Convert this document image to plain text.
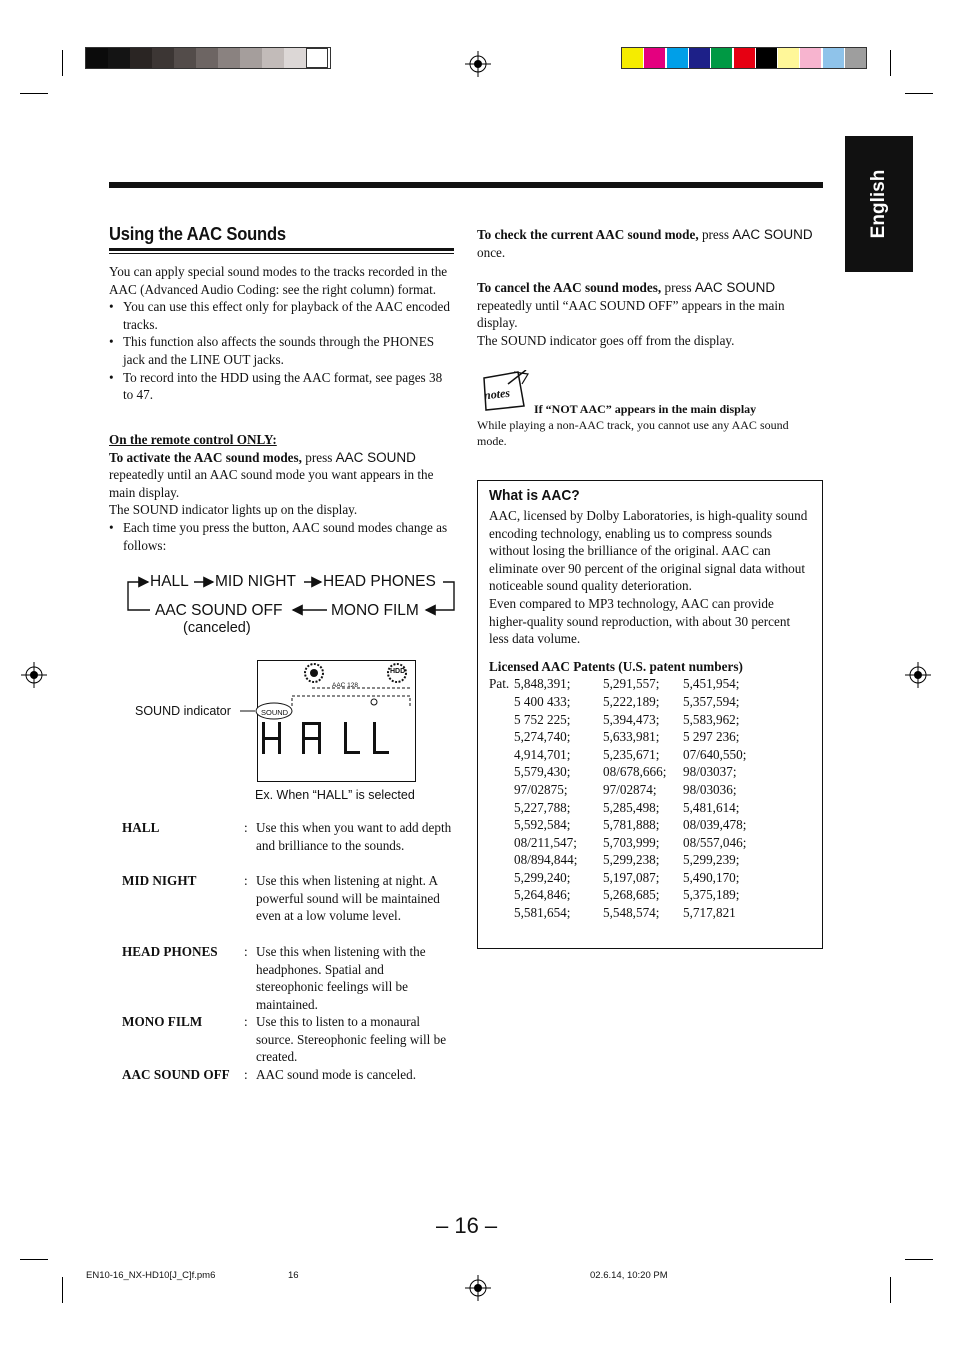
English
Using the AAC Sounds
You can apply special sound modes to the tracks recorded in the AAC (Advanced Audio Coding: see the right column) format.
• You can use this effect only for playback of the AAC encoded tracks.
• This function also affects the sounds through the PHONES jack and the LINE OUT jacks.
• To record into the HDD using the AAC format, see pages 38 to 47.
On the remote control ONLY:
To activate the AAC sound modes, press AAC SOUND repeatedly until an AAC sound mode you want appears in the main display.
The SOUND indicator lights up on the display.
• Each time you press the button, AAC sound modes change as follows:
HALL MID NIGHT HEAD PHONES
AAC SOUND OFF	MONO FILM
(canceled)
SOUND indicator	SOUND
AAC 128
HDD
Ex. When “HALL” is selected
HALL	: Use this when you want to add depth and brilliance to the sounds.
MID NIGHT	: Use this when listening at night. A powerful sound will be maintained even at a low volume level.
HEAD PHONES : Use this when listening with the headphones. Spatial and stereophonic feelings will be maintained.
MONO FILM	: Use this to listen to a monaural source. Stereophonic feeling will be created.
AAC SOUND OFF : AAC sound mode is canceled.
To check the current AAC sound mode, press AAC SOUND once.
To cancel the AAC sound modes, press AAC SOUND repeatedly until “AAC SOUND OFF” appears in the main display.
The SOUND indicator goes off from the display.
notes
If “NOT AAC” appears in the main display
While playing a non-AAC track, you cannot use any AAC sound mode.
What is AAC?
AAC, licensed by Dolby Laboratories, is high-quality sound encoding technology, enabling us to compress sounds without losing the brilliance of the original. AAC can eliminate over 90 percent of the original signal data without noticeable sound quality deterioration.
Even compared to MP3 technology, AAC can provide higher-quality sound reproduction, with about 30 percent less data volume.
Licensed AAC Patents (U.S. patent numbers)
Pat. 5,848,391;	5,291,557;	5,451,954;
5 400 433;	5,222,189;	5,357,594;
5 752 225;	5,394,473;	5,583,962;
5,274,740;	5,633,981;	5 297 236;
4,914,701;	5,235,671;	07/640,550;
5,579,430;	08/678,666;	98/03037;
97/02875;	97/02874;	98/03036;
5,227,788;	5,285,498;	5,481,614;
5,592,584;	5,781,888;	08/039,478;
08/211,547;	5,703,999;	08/557,046;
08/894,844;	5,299,238;	5,299,239;
5,299,240;	5,197,087;	5,490,170;
5,264,846;	5,268,685;	5,375,189;
5,581,654;	5,548,574;	5,717,821
– 16 –
EN10-16_NX-HD10[J_C]f.pm6	16	02.6.14, 10:20 PM
